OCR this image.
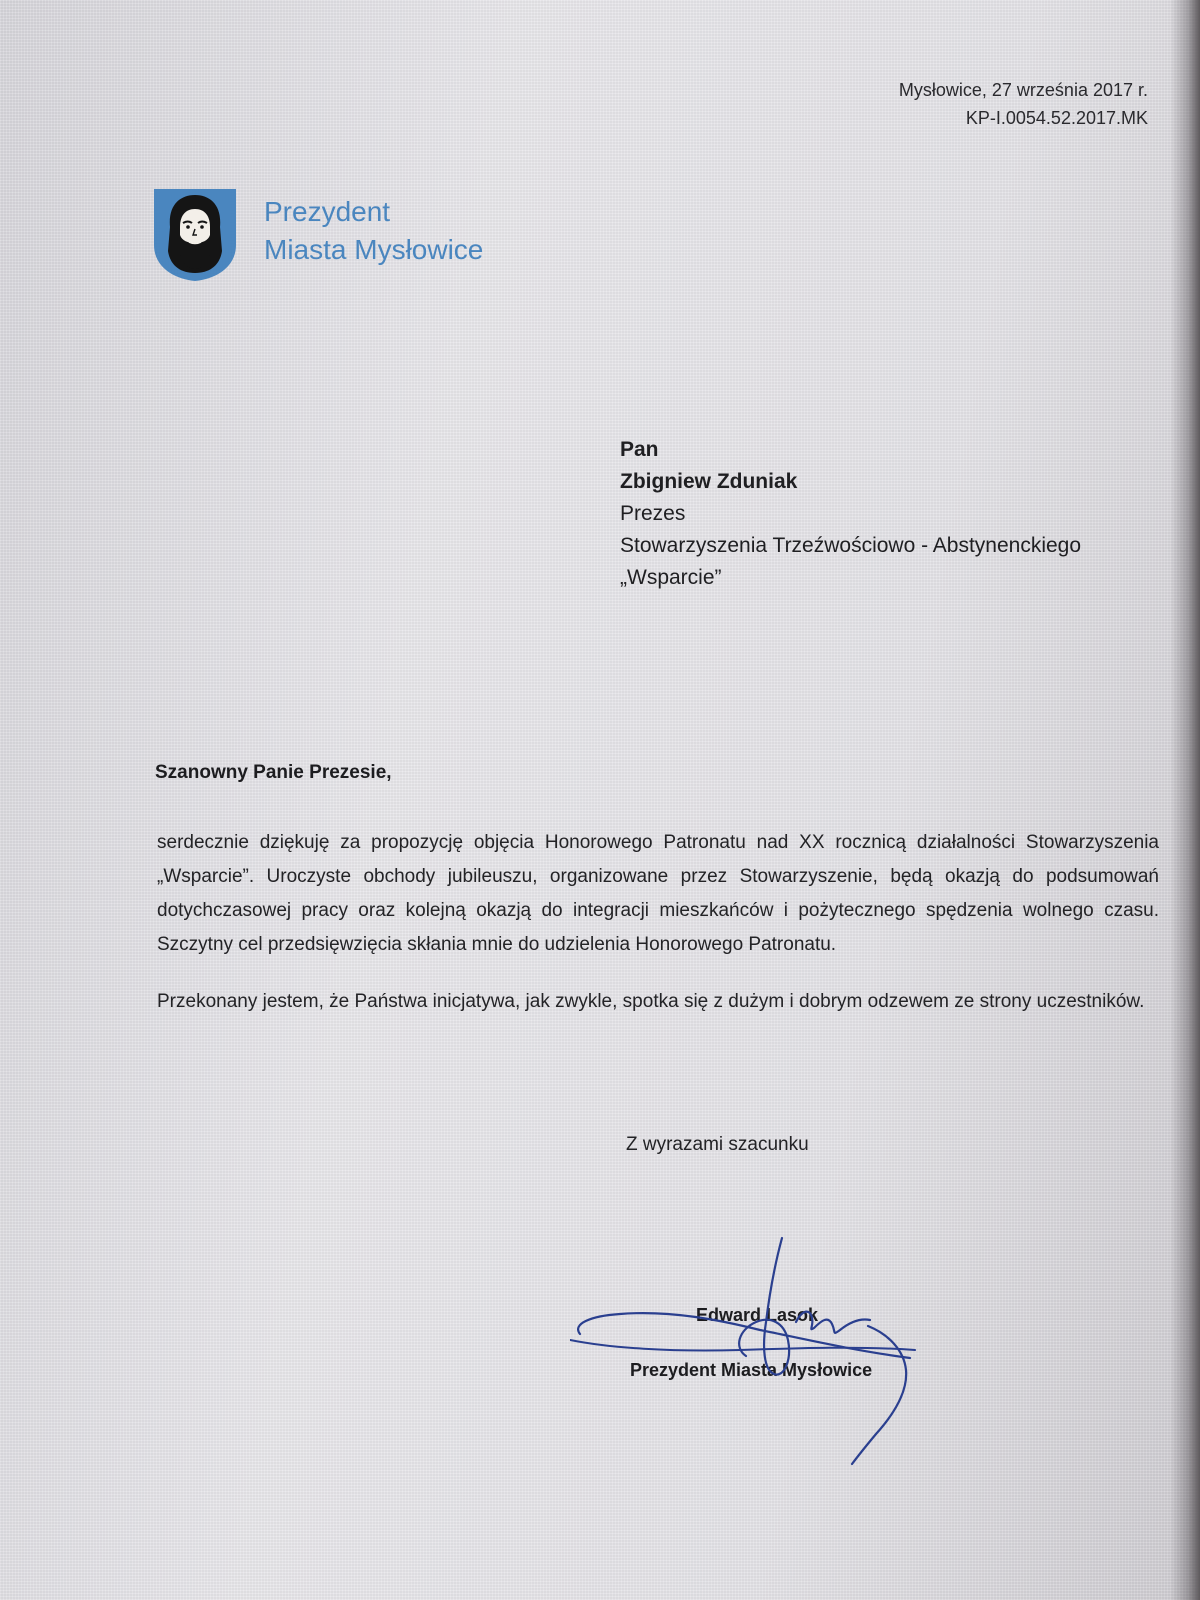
Mysłowice, 27 września 2017 r.
KP-I.0054.52.2017.MK
Prezydent
Miasta Mysłowice
Pan
Zbigniew Zduniak
Prezes
Stowarzyszenia Trzeźwościowo - Abstynenckiego
„Wsparcie”
Szanowny Panie Prezesie,

serdecznie dziękuję za propozycję objęcia Honorowego Patronatu nad XX rocznicą działalności Stowarzyszenia „Wsparcie”. Uroczyste obchody jubileuszu, organizowane przez Stowarzyszenie, będą okazją do podsumowań dotychczasowej pracy oraz kolejną okazją do integracji mieszkańców i pożytecznego spędzenia wolnego czasu. Szczytny cel przedsięwzięcia skłania mnie do udzielenia Honorowego Patronatu.

Przekonany jestem, że Państwa inicjatywa, jak zwykle, spotka się z dużym i dobrym odzewem ze strony uczestników.

Z wyrazami szacunku
Edward Lasok
Prezydent Miasta Mysłowice
